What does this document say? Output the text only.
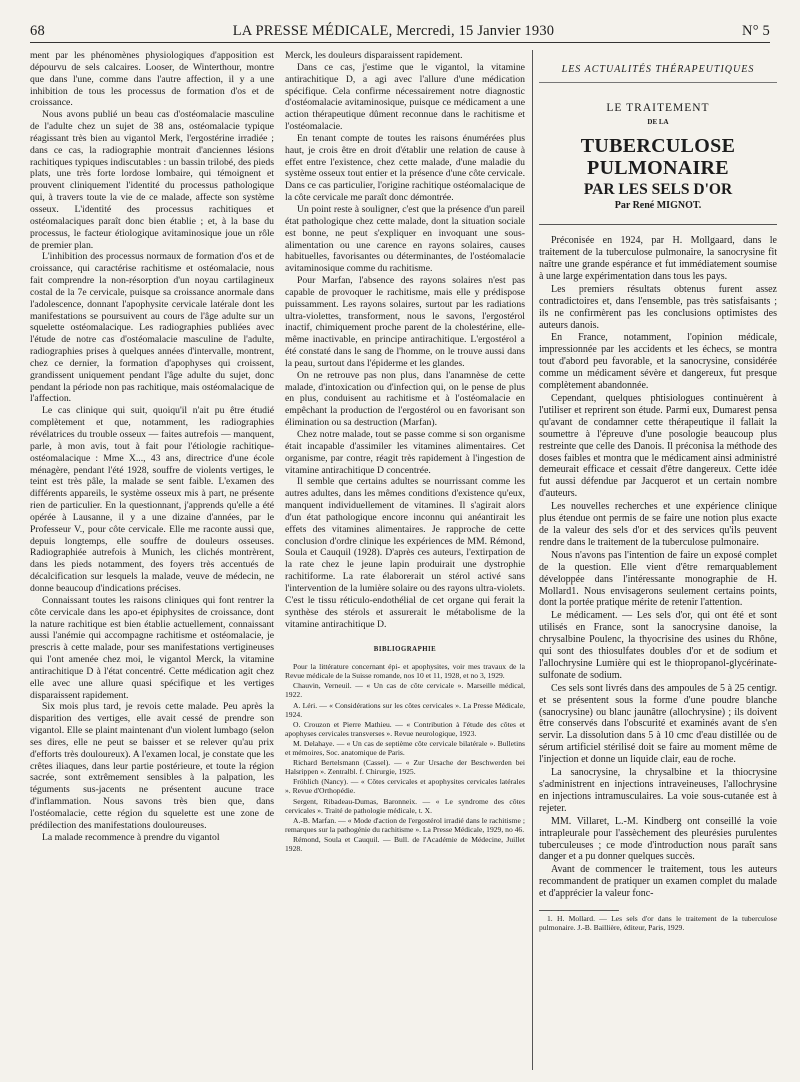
68	LA PRESSE MÉDICALE, Mercredi, 15 Janvier 1930	N° 5

ment par les phénomènes physiologiques d'apposition est dépourvu de sels calcaires. Looser, de Winterthour, montre que dans l'une, comme dans l'autre affection, il y a une inhibition de tous les processus de formation d'os et de croissance.

Nous avons publié un beau cas d'ostéomalacie masculine de l'adulte chez un sujet de 38 ans, ostéomalacie typique réagissant très bien au vigantol Merk, l'ergostérine irradiée ; dans ce cas, la radiographie montrait d'anciennes lésions rachitiques typiques indiscutables : un bassin trilobé, des pieds plats, une très forte lordose lombaire, qui témoignent et prouvent cliniquement l'identité du processus pathologique qui, à travers toute la vie de ce malade, affecte son système osseux. L'identité des processus rachitiques et ostéomalaciques paraît donc bien établie ; et, à la base du processus, le facteur étiologique avitaminosique joue un rôle de premier plan.

L'inhibition des processus normaux de formation d'os et de croissance, qui caractérise rachitisme et ostéomalacie, nous fait comprendre la non-résorption d'un noyau cartilagineux costal de la 7e cervicale, puisque sa croissance anormale dans l'adolescence, donnant l'apophysite cervicale latérale dont les manifestations se poursuivent au cours de l'âge adulte sur un squelette ostéomalacique. Les radiographies publiées avec l'étude de notre cas d'ostéomalacie masculine de l'adulte, radiographies prises à quelques années d'intervalle, montrent, chez ce dernier, la formation d'apophyses qui croissent, grandissent uniquement pendant l'âge adulte du sujet, donc pendant la période non pas rachitique, mais ostéomalacique de l'affection.

Le cas clinique qui suit, quoiqu'il n'ait pu être étudié complètement et que, notamment, les radiographies révélatrices du trouble osseux — faites autrefois — manquent, parle, à mon avis, tout à fait pour l'étiologie rachitique-ostéomalacique : Mme X..., 43 ans, directrice d'une école ménagère, pendant l'été 1928, souffre de violents vertiges, le teint est très pâle, la malade se sent faible. L'examen des différents appareils, le système osseux mis à part, ne présente rien de particulier. En la questionnant, j'apprends qu'elle a été opérée à Lausanne, il y a une dizaine d'années, par le Professeur V., pour côte cervicale. Elle me raconte aussi que, depuis longtemps, elle souffre de douleurs osseuses. Radiographiée autrefois à Munich, les clichés montrèrent, dans les pieds notamment, des foyers très accentués de décalcification sur lesquels la malade, veuve de médecin, ne donne beaucoup d'indications précises.

Connaissant toutes les raisons cliniques qui font rentrer la côte cervicale dans les apo-et épiphysites de croissance, dont la nature rachitique est bien établie actuellement, connaissant aussi l'anémie qui accompagne rachitisme et ostéomalacie, je prescris à cette malade, pour ses manifestations vertigineuses qui l'ont amenée chez moi, le vigantol Merck, la vitamine antirachitique D à l'état concentré. Cette médication agit chez elle avec une allure quasi spécifique et les vertiges disparaissent rapidement.

Six mois plus tard, je revois cette malade. Peu après la disparition des vertiges, elle avait cessé de prendre son vigantol. Elle se plaint maintenant d'un violent lumbago (selon ses dires, elle ne peut se baisser et se relever qu'au prix d'efforts très douloureux). A l'examen local, je constate que les crêtes iliaques, dans leur partie postérieure, et toute la région sacrée, sont extrêmement sensibles à la palpation, les téguments sus-jacents ne présentent aucune trace d'inflammation. Nous savons très bien que, dans l'ostéomalacie, cette région du squelette est une zone de prédilection des manifestations douloureuses.

La malade recommence à prendre du vigantol

Merck, les douleurs disparaissent rapidement.

Dans ce cas, j'estime que le vigantol, la vitamine antirachitique D, a agi avec l'allure d'une médication spécifique. Cela confirme nécessairement notre diagnostic d'ostéomalacie avitaminosique, puisque ce médicament a une action thérapeutique dûment reconnue dans le rachitisme et l'ostéomalacie.

En tenant compte de toutes les raisons énumérées plus haut, je crois être en droit d'établir une relation de cause à effet entre l'existence, chez cette malade, d'une maladie du système osseux tout entier et la présence d'une côte cervicale. Dans ce cas particulier, l'origine rachitique ostéomalacique de la côte cervicale me paraît donc démontrée.

Un point reste à souligner, c'est que la présence d'un pareil état pathologique chez cette malade, dont la situation sociale est bonne, ne peut s'expliquer en invoquant une sous-alimentation ou une carence en rayons solaires, causes habituelles, favorisantes ou déterminantes, de l'ostéomalacie avitaminosique comme du rachitisme.

Pour Marfan, l'absence des rayons solaires n'est pas capable de provoquer le rachitisme, mais elle y prédispose puissamment. Les rayons solaires, surtout par les radiations ultra-violettes, transforment, nous le savons, l'ergostérol inactif, chimiquement proche parent de la cholestérine, elle-même inactivable, en principe antirachitique. L'ergostérol a été constaté dans le sang de l'homme, on le trouve aussi dans la peau, surtout dans l'épiderme et les glandes.

On ne retrouve pas non plus, dans l'anamnèse de cette malade, d'intoxication ou d'infection qui, on le pense de plus en plus, conduisent au rachitisme et à l'ostéomalacie en empêchant la production de l'ergostérol ou en favorisant son élimination ou sa destruction (Marfan).

Chez notre malade, tout se passe comme si son organisme était incapable d'assimiler les vitamines alimentaires. Cet organisme, par contre, réagit très rapidement à l'ingestion de vitamine antirachitique D concentrée.

Il semble que certains adultes se nourrissant comme les autres adultes, dans les mêmes conditions d'existence qu'eux, manquent individuellement de vitamines. Il s'agirait alors d'un état pathologique encore inconnu qui anéantirait les effets des vitamines alimentaires. Je rapproche de cette conclusion d'ordre clinique les expériences de MM. Rémond, Soula et Cauquil (1928). D'après ces auteurs, l'extirpation de la rate chez le jeune lapin produirait une dystrophie rachitiforme. La rate élaborerait un stérol activé sans l'intervention de la lumière solaire ou des rayons ultra-violets. C'est le tissu réticulo-endothélial de cet organe qui ferait la synthèse des stérols et assurerait le métabolisme de la vitamine antirachitique D.

BIBLIOGRAPHIE

Pour la littérature concernant épi- et apophysites, voir mes travaux de la Revue médicale de la Suisse romande, nos 10 et 11, 1928, et no 3, 1929.

Chauvin, Verneuil. — « Un cas de côte cervicale ». Marseille médical, 1922.

A. Léri. — « Considérations sur les côtes cervicales ». La Presse Médicale, 1924.

O. Crouzon et Pierre Mathieu. — « Contribution à l'étude des côtes et apophyses cervicales transverses ». Revue neurologique, 1923.

M. Delahaye. — « Un cas de septième côte cervicale bilatérale ». Bulletins et mémoires, Soc. anatomique de Paris.

Richard Bertelsmann (Cassel). — « Zur Ursache der Beschwerden bei Halsrippen ». Zentralbl. f. Chirurgie, 1925.

Fröhlich (Nancy). — « Côtes cervicales et apophysites cervicales latérales ». Revue d'Orthopédie.

Sergent, Ribadeau-Dumas, Baronneix. — « Le syndrome des côtes cervicales ». Traité de pathologie médicale, t. X.

A.-B. Marfan. — « Mode d'action de l'ergostérol irradié dans le rachitisme ; remarques sur la pathogénie du rachitisme ». La Presse Médicale, 1929, no 46.

Rémond, Soula et Cauquil. — Bull. de l'Académie de Médecine, Juillet 1928.

LES ACTUALITÉS THÉRAPEUTIQUES
LE TRAITEMENT
DE LA
TUBERCULOSE PULMONAIRE
PAR LES SELS D'OR
Par René MIGNOT.

Préconisée en 1924, par H. Mollgaard, dans le traitement de la tuberculose pulmonaire, la sanocrysine fit naître une grande espérance et fut immédiatement soumise à une large expérimentation dans tous les pays.

Les premiers résultats obtenus furent assez contradictoires et, dans l'ensemble, pas très satisfaisants ; ils ne confirmèrent pas les conclusions optimistes des auteurs danois.

En France, notamment, l'opinion médicale, impressionnée par les accidents et les échecs, se montra tout d'abord peu favorable, et la sanocrysine, considérée comme un médicament sévère et dangereux, fut presque complètement abandonnée.

Cependant, quelques phtisiologues continuèrent à l'utiliser et reprirent son étude. Parmi eux, Dumarest pensa qu'avant de condamner cette thérapeutique il fallait la soumettre à l'épreuve d'une posologie beaucoup plus restreinte que celle des Danois. Il préconisa la méthode des doses faibles et montra que le médicament ainsi administré demeurait efficace et cessait d'être dangereux. Cette idée fut aussi défendue par Jacquerot et un certain nombre d'auteurs.

Les nouvelles recherches et une expérience clinique plus étendue ont permis de se faire une notion plus exacte de la valeur des sels d'or et des services qu'ils peuvent rendre dans le traitement de la tuberculose pulmonaire.

Nous n'avons pas l'intention de faire un exposé complet de la question. Elle vient d'être remarquablement développée dans l'intéressante monographie de H. Mollard1. Nous envisagerons seulement certains points, dont la portée pratique mérite de retenir l'attention.

Le médicament. — Les sels d'or, qui ont été et sont utilisés en France, sont la sanocrysine danoise, la chrysalbine Poulenc, la thyocrisine des usines du Rhône, qui sont des thiosulfates doubles d'or et de sodium et l'allochrysine Lumière qui est le thiopropanol-glycérinate-sulfonate de sodium.

Ces sels sont livrés dans des ampoules de 5 à 25 centigr. et se présentent sous la forme d'une poudre blanche (sanocrysine) ou blanc jaunâtre (allochrysine) ; ils doivent être conservés dans l'obscurité et examinés avant de s'en servir. La dissolution dans 5 à 10 cmc d'eau distillée ou de sérum artificiel stérilisé doit se faire au moment même de l'injection et donne un liquide clair, eau de roche.

La sanocrysine, la chrysalbine et la thiocrysine s'administrent en injections intraveineuses, l'allochrysine en injections intramusculaires. La voie sous-cutanée est à rejeter.

MM. Villaret, L.-M. Kindberg ont conseillé la voie intrapleurale pour l'assèchement des pleurésies purulentes tuberculeuses ; ce mode d'introduction nous paraît sans danger et a pu donner quelques succès.

Avant de commencer le traitement, tous les auteurs recommandent de pratiquer un examen complet du malade et d'apprécier la valeur fonc-

1. H. Mollard. — Les sels d'or dans le traitement de la tuberculose pulmonaire. J.-B. Baillière, éditeur, Paris, 1929.
